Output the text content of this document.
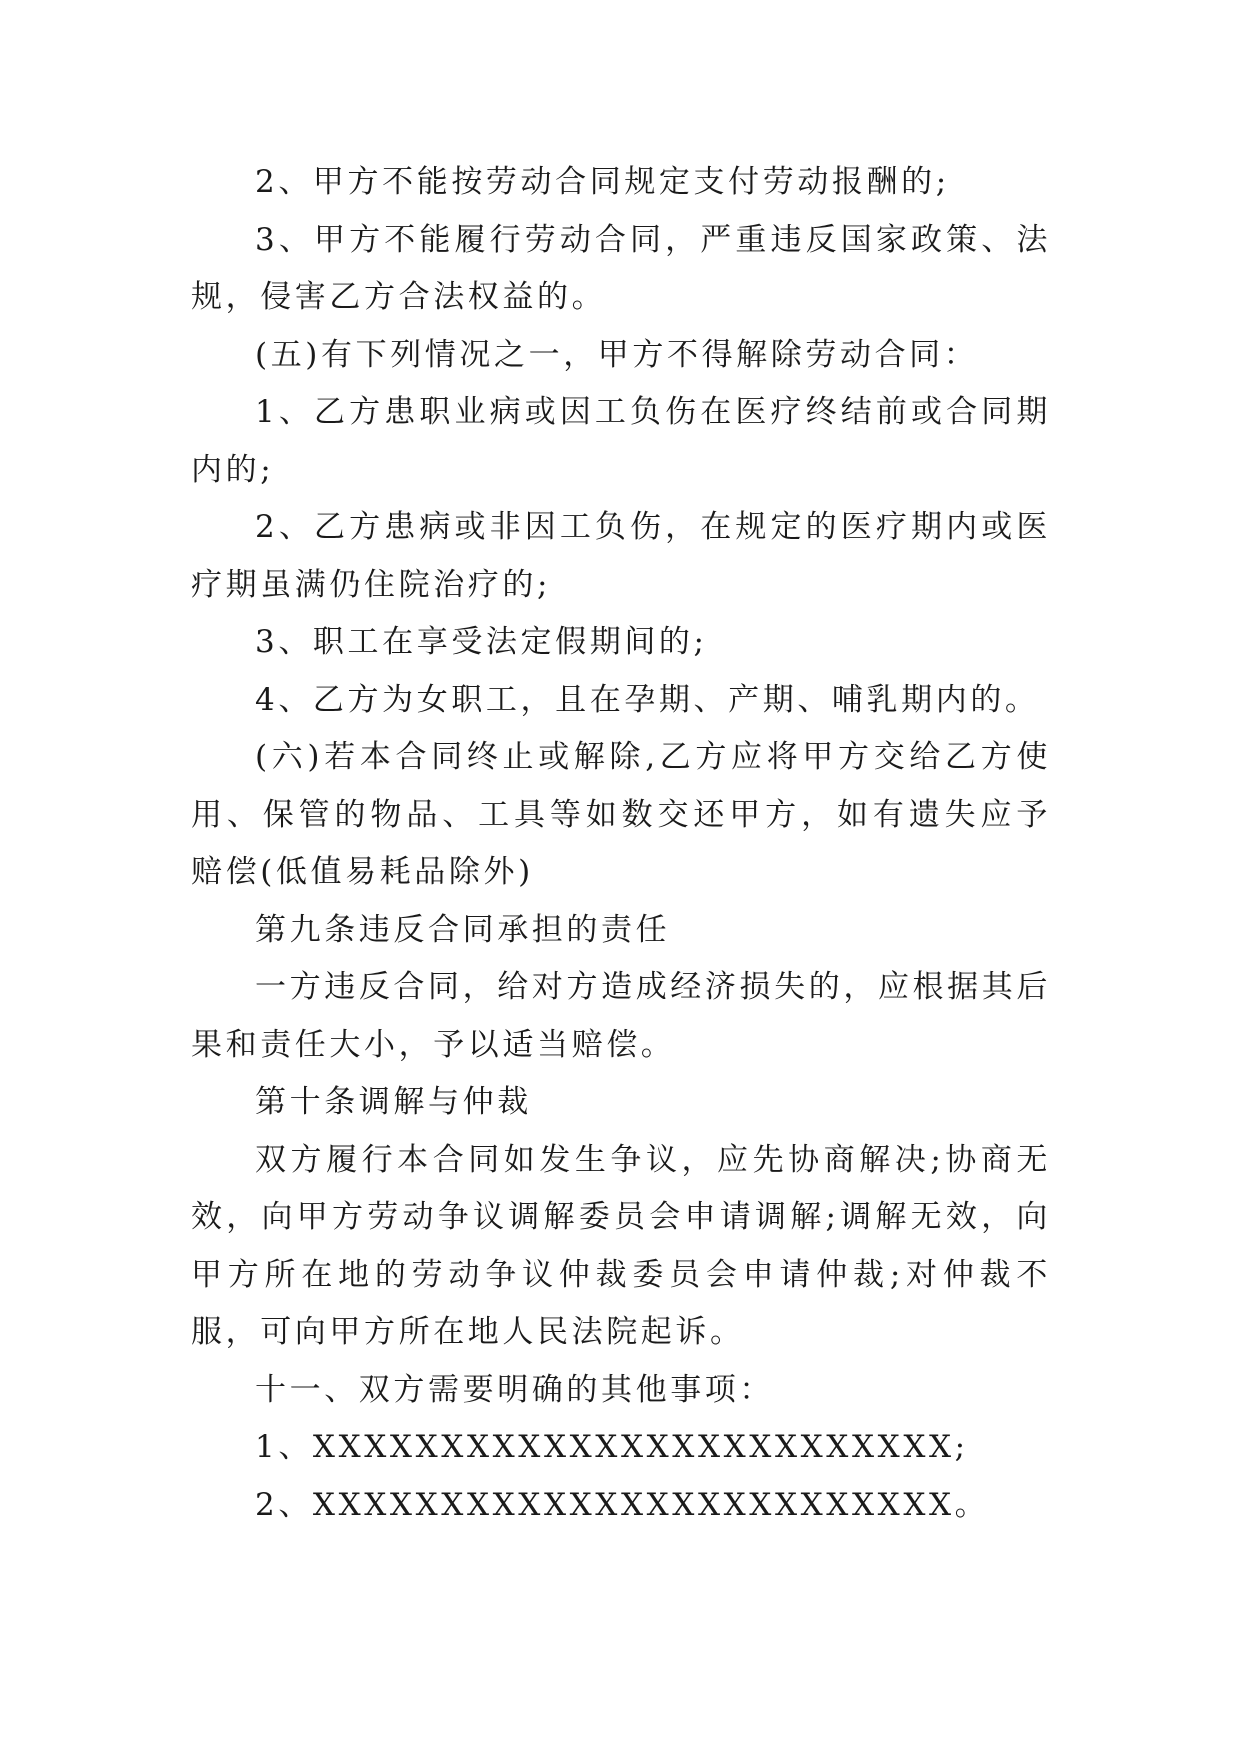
2、甲方不能按劳动合同规定支付劳动报酬的;

3、甲方不能履行劳动合同，严重违反国家政策、法规，侵害乙方合法权益的。

(五)有下列情况之一，甲方不得解除劳动合同：

1、乙方患职业病或因工负伤在医疗终结前或合同期内的;

2、乙方患病或非因工负伤，在规定的医疗期内或医疗期虽满仍住院治疗的;

3、职工在享受法定假期间的;

4、乙方为女职工，且在孕期、产期、哺乳期内的。

(六)若本合同终止或解除,乙方应将甲方交给乙方使用、保管的物品、工具等如数交还甲方，如有遗失应予赔偿(低值易耗品除外)

第九条违反合同承担的责任

一方违反合同，给对方造成经济损失的，应根据其后果和责任大小，予以适当赔偿。

第十条调解与仲裁

双方履行本合同如发生争议，应先协商解决;协商无效，向甲方劳动争议调解委员会申请调解;调解无效，向甲方所在地的劳动争议仲裁委员会申请仲裁;对仲裁不服，可向甲方所在地人民法院起诉。

十一、双方需要明确的其他事项：

1、XXXXXXXXXXXXXXXXXXXXXXXXX;

2、XXXXXXXXXXXXXXXXXXXXXXXXX。
